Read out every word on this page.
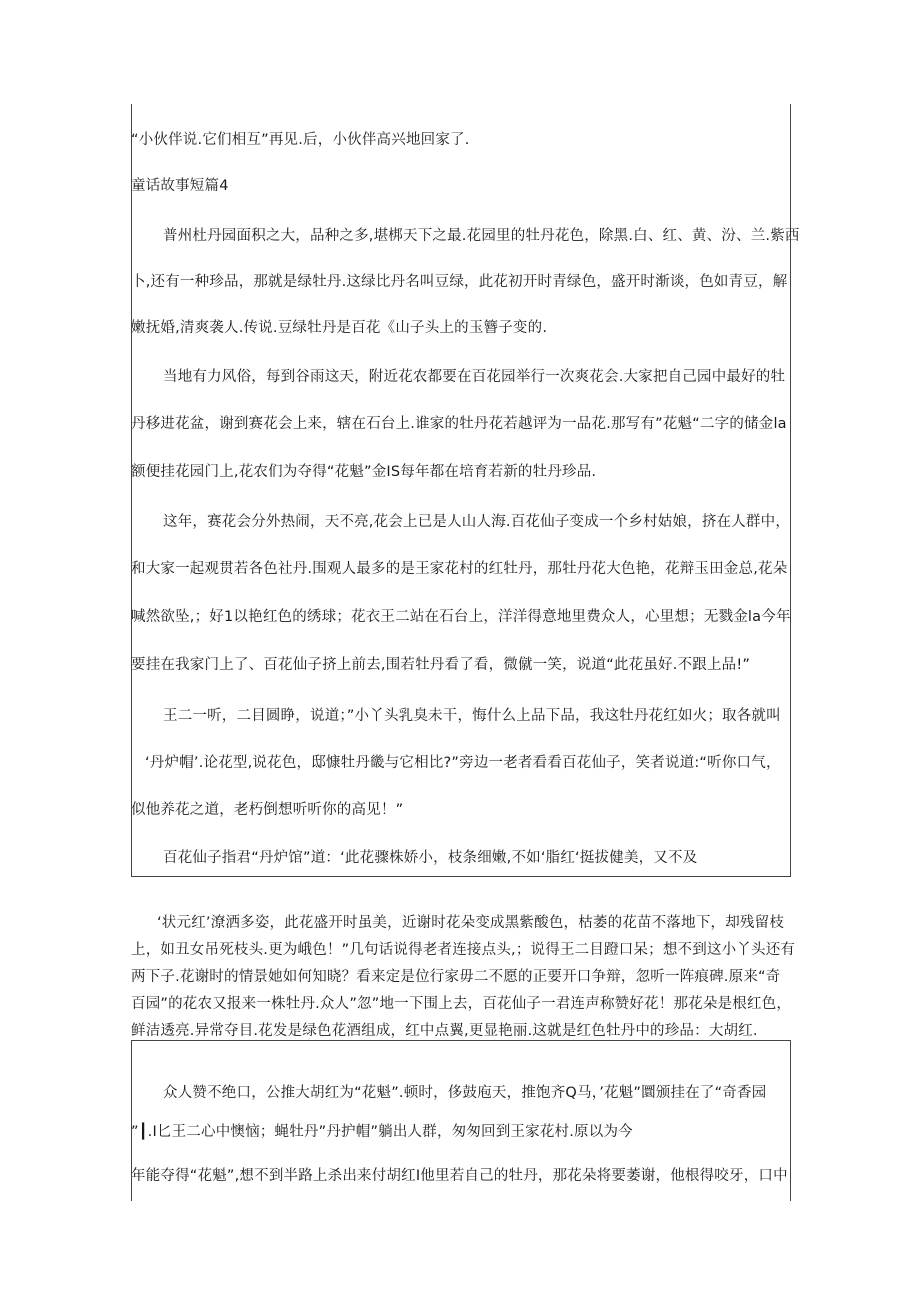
“小伙伴说.它们相互”再见.后，小伙伴高兴地回家了.
童话故事短篇4
普州杜丹园面积之大，品种之多,堪梆天下之最.花园里的牡丹花色，除黑.白、红、黄、汾、兰.紫西
卜,还有一种珍品，那就是绿牡丹.这绿比丹名叫豆绿，此花初开时青绿色，盛开时渐谈，色如青豆，解
嫩抚婚,清爽袭人.传说.豆绿牡丹是百花《山子头上的玉簪子变的.
当地有力风俗，每到谷雨这天，附近花农都要在百花园举行一次爽花会.大家把自己园中最好的牡
丹移进花盆，谢到赛花会上来，辖在石台上.谁家的牡丹花若越评为一品花.那写有”花魁“二字的储金la
额便挂花园门上,花农们为夺得“花魁”金IS每年都在培育若新的牡丹珍品.
这年，赛花会分外热闹，天不亮,花会上已是人山人海.百花仙子变成一个乡村姑娘，挤在人群中，
和大家一起观贯若各色社丹.围观人最多的是王家花村的红牡丹，那牡丹花大色艳，花辩玉田金总,花朵
喊然欲坠,；好1以艳红色的绣球；花衣王二站在石台上，洋洋得意地里费众人，心里想；无戮金la今年
要挂在我家门上了、百花仙子挤上前去,围若牡丹看了看，微僦一笑，说道“此花虽好.不跟上品!”
王二一听，二目圆睁，说道；”小丫头乳臭未干，悔什么上品下品，我这牡丹花红如火；取各就叫
‘丹炉帽’.论花型,说花色，邸慷牡丹畿与它相比?”旁边一老者看看百花仙子，笑者说道:“听你口气，
似他养花之道，老朽倒想听听你的高见！”
百花仙子指君“丹炉馆”道：‘此花骤株娇小，枝条细嫩,不如‘脂红‘挺拔健美，又不及
‘状元红’潦洒多姿，此花盛开时虽美，近谢时花朵变成黑紫酸色，枯萎的花苗不落地下，却残留枝
上，如丑女吊死枝头.更为峨色！”几句话说得老者连接点头,；说得王二目蹬口呆；想不到这小丫头还有
两下子.花谢时的情景她如何知晓？看来定是位行家毋二不愿的正要开口争辩，忽听一阵痕碑.原来“奇
百园”的花农又报来一株牡丹.众人”忽”地一下围上去，百花仙子一君连声称赞好花！那花朵是根红色，
鲜洁透亮.异常夺目.花发是绿色花酒组成，红中点翼,更显艳丽.这就是红色牡丹中的珍品：大胡红.
众人赞不绝口，公推大胡红为“花魁”.顿时，侈鼓庖天，推饱齐Q马，’花魁”圜颁挂在了“奇香园
”┃.I匕王二心中懊恼；蝇牡丹”丹护帽”躺出人群，匆匆回到王家花村.原以为今
年能夺得“花魁”,想不到半路上杀出来付胡红I他里若自己的牡丹，那花朵将要萎谢，他根得咬牙，口中
